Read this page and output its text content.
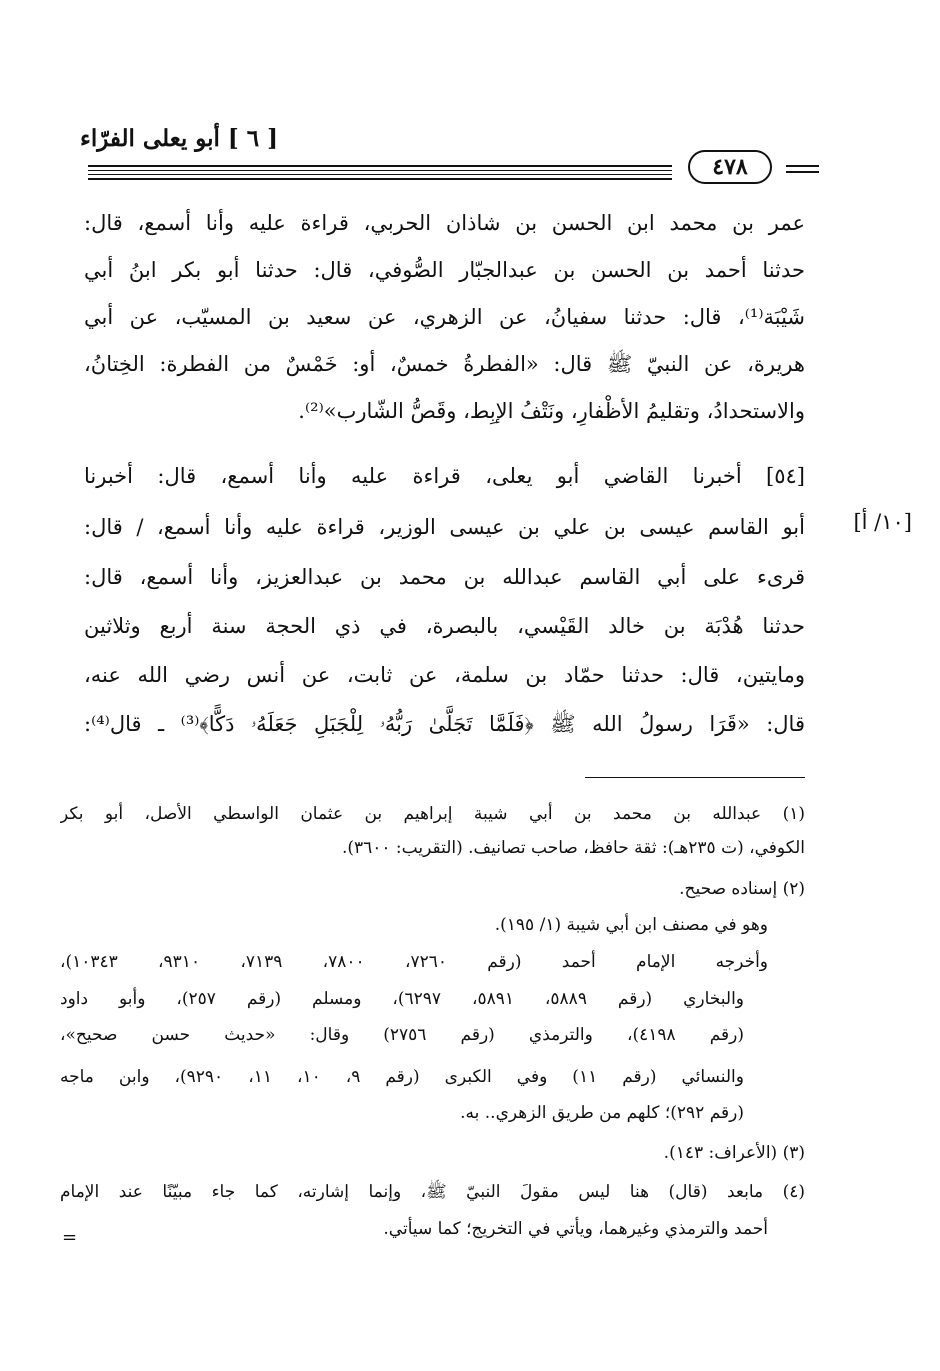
[ ٦ ] أبو يعلى الفرّاء
٤٧٨
عمر بن محمد ابن الحسن بن شاذان الحربي، قراءة عليه وأنا أسمع، قال:
حدثنا أحمد بن الحسن بن عبدالجبّار الصُّوفي، قال: حدثنا أبو بكر ابنُ أبي
شَيْبَة⁽¹⁾، قال: حدثنا سفيانُ، عن الزهري، عن سعيد بن المسيّب، عن أبي
هريرة، عن النبيّ ﷺ قال: «الفطرةُ خمسٌ، أو: خَمْسٌ من الفطرة: الخِتانُ،
والاستحدادُ، وتقليمُ الأظْفارِ، ونَتْفُ الإبِط، وقَصُّ الشّارب»⁽²⁾.
[٥٤] أخبرنا القاضي أبو يعلى، قراءة عليه وأنا أسمع، قال: أخبرنا
أبو القاسم عيسى بن علي بن عيسى الوزير، قراءة عليه وأنا أسمع، / قال:
قرىء على أبي القاسم عبدالله بن محمد بن عبدالعزيز، وأنا أسمع، قال:
حدثنا هُدْبَة بن خالد القَيْسي، بالبصرة، في ذي الحجة سنة أربع وثلاثين
ومايتين، قال: حدثنا حمّاد بن سلمة، عن ثابت، عن أنس رضي الله عنه،
قال: «قَرَا رسولُ الله ﷺ ﴿فَلَمَّا تَجَلَّىٰ رَبُّهُۥ لِلْجَبَلِ جَعَلَهُۥ دَكًّا﴾⁽³⁾ ـ قال⁽⁴⁾:
[١٠/ أ]
(١) عبدالله بن محمد بن أبي شيبة إبراهيم بن عثمان الواسطي الأصل، أبو بكر
الكوفي، (ت ٢٣٥هـ): ثقة حافظ، صاحب تصانيف. (التقريب: ٣٦٠٠).
(٢) إسناده صحيح.
وهو في مصنف ابن أبي شيبة (١/ ١٩٥).
وأخرجه الإمام أحمد (رقم ٧٢٦٠، ٧٨٠٠، ٧١٣٩، ٩٣١٠، ١٠٣٤٣)،
والبخاري (رقم ٥٨٨٩، ٥٨٩١، ٦٢٩٧)، ومسلم (رقم ٢٥٧)، وأبو داود
(رقم ٤١٩٨)، والترمذي (رقم ٢٧٥٦) وقال: «حديث حسن صحيح»،
والنسائي (رقم ١١) وفي الكبرى (رقم ٩، ١٠، ١١، ٩٢٩٠)، وابن ماجه
(رقم ٢٩٢)؛ كلهم من طريق الزهري.. به.
(٣) (الأعراف: ١٤٣).
(٤) مابعد (قال) هنا ليس مقولَ النبيّ ﷺ، وإنما إشارته، كما جاء مبيّنًا عند الإمام
أحمد والترمذي وغيرهما، ويأتي في التخريج؛ كما سيأتي.
=
